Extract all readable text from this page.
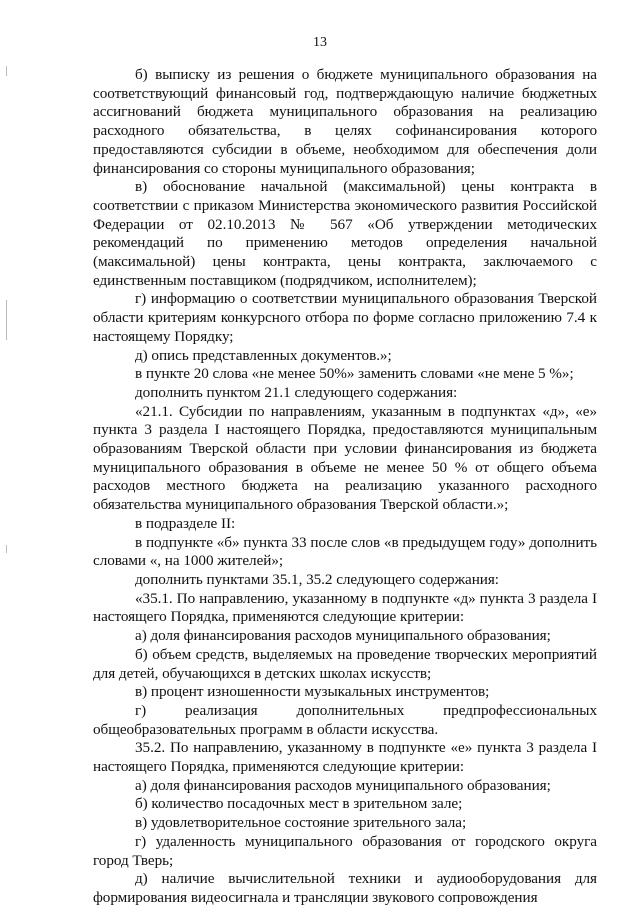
13

б) выписку из решения о бюджете муниципального образования на соответствующий финансовый год, подтверждающую наличие бюджетных ассигнований бюджета муниципального образования на реализацию расходного обязательства, в целях софинансирования которого предоставляются субсидии в объеме, необходимом для обеспечения доли финансирования со стороны муниципального образования;

в) обоснование начальной (максимальной) цены контракта в соответствии с приказом Министерства экономического развития Российской Федерации от 02.10.2013 № 567 «Об утверждении методических рекомендаций по применению методов определения начальной (максимальной) цены контракта, цены контракта, заключаемого с единственным поставщиком (подрядчиком, исполнителем);

г) информацию о соответствии муниципального образования Тверской области критериям конкурсного отбора по форме согласно приложению 7.4 к настоящему Порядку;

д) опись представленных документов.»;

в пункте 20 слова «не менее 50%» заменить словами «не мене 5 %»;

дополнить пунктом 21.1 следующего содержания:

«21.1. Субсидии по направлениям, указанным в подпунктах «д», «е» пункта 3 раздела I настоящего Порядка, предоставляются муниципальным образованиям Тверской области при условии финансирования из бюджета муниципального образования в объеме не менее 50 % от общего объема расходов местного бюджета на реализацию указанного расходного обязательства муниципального образования Тверской области.»;

в подразделе II:

в подпункте «б» пункта 33 после слов «в предыдущем году» дополнить словами «, на 1000 жителей»;

дополнить пунктами 35.1, 35.2 следующего содержания:

«35.1. По направлению, указанному в подпункте «д» пункта 3 раздела I настоящего Порядка, применяются следующие критерии:

а) доля финансирования расходов муниципального образования;

б) объем средств, выделяемых на проведение творческих мероприятий для детей, обучающихся в детских школах искусств;

в) процент изношенности музыкальных инструментов;

г) реализация дополнительных предпрофессиональных общеобразовательных программ в области искусства.

35.2. По направлению, указанному в подпункте «е» пункта 3 раздела I настоящего Порядка, применяются следующие критерии:

а) доля финансирования расходов муниципального образования;

б) количество посадочных мест в зрительном зале;

в) удовлетворительное состояние зрительного зала;

г) удаленность муниципального образования от городского округа город Тверь;

д) наличие вычислительной техники и аудиооборудования для формирования видеосигнала и трансляции звукового сопровождения
